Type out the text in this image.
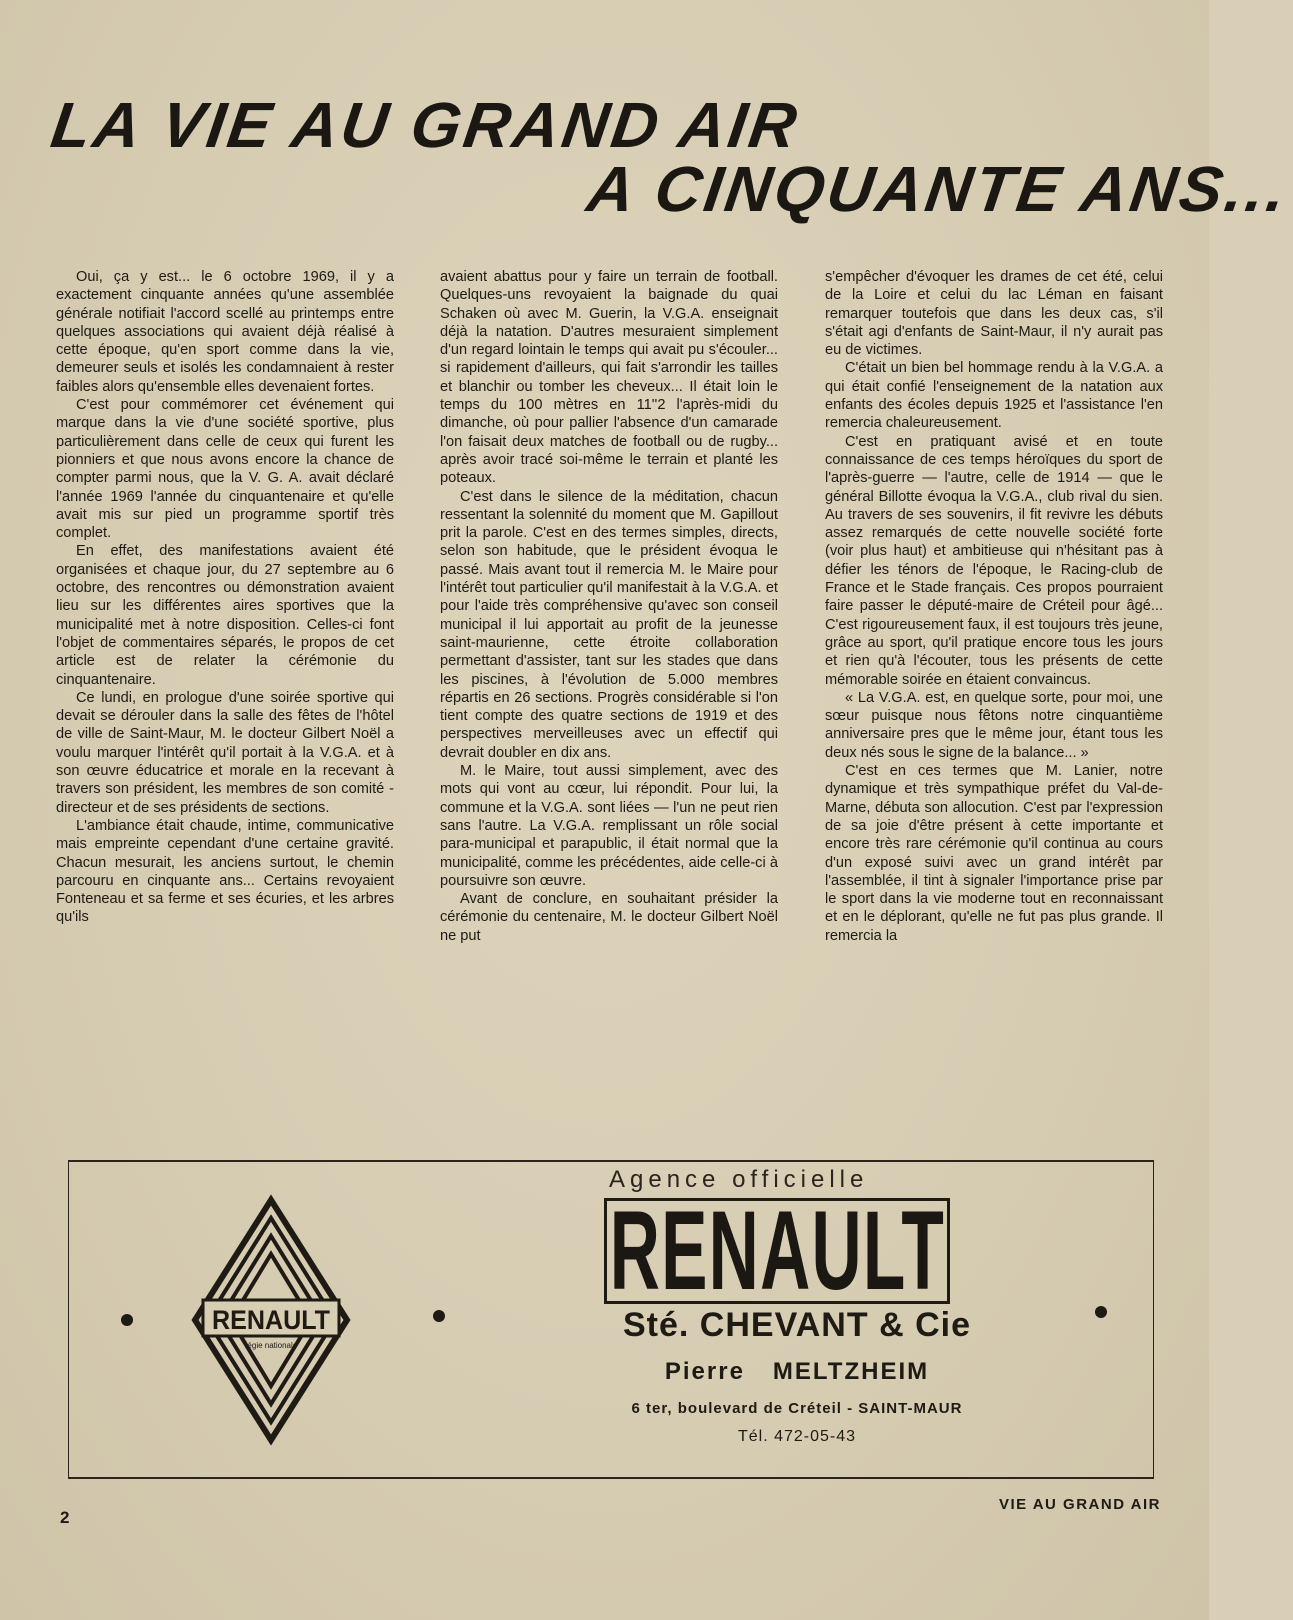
LA VIE AU GRAND AIR
A CINQUANTE ANS...

Oui, ça y est... le 6 octobre 1969, il y a exactement cinquante années qu'une assemblée générale notifiait l'accord scellé au printemps entre quelques associations qui avaient déjà réalisé à cette époque, qu'en sport comme dans la vie, demeurer seuls et isolés les condamnaient à rester faibles alors qu'ensemble elles devenaient fortes.

C'est pour commémorer cet événement qui marque dans la vie d'une société sportive, plus particulièrement dans celle de ceux qui furent les pionniers et que nous avons encore la chance de compter parmi nous, que la V. G. A. avait déclaré l'année 1969 l'année du cinquantenaire et qu'elle avait mis sur pied un programme sportif très complet.

En effet, des manifestations avaient été organisées et chaque jour, du 27 septembre au 6 octobre, des rencontres ou démonstration avaient lieu sur les différentes aires sportives que la municipalité met à notre disposition. Celles-ci font l'objet de commentaires séparés, le propos de cet article est de relater la cérémonie du cinquantenaire.

Ce lundi, en prologue d'une soirée sportive qui devait se dérouler dans la salle des fêtes de l'hôtel de ville de Saint-Maur, M. le docteur Gilbert Noël a voulu marquer l'intérêt qu'il portait à la V.G.A. et à son œuvre éducatrice et morale en la recevant à travers son président, les membres de son comité - directeur et de ses présidents de sections.

L'ambiance était chaude, intime, communicative mais empreinte cependant d'une certaine gravité. Chacun mesurait, les anciens surtout, le chemin parcouru en cinquante ans... Certains revoyaient Fonteneau et sa ferme et ses écuries, et les arbres qu'ils

avaient abattus pour y faire un terrain de football. Quelques-uns revoyaient la baignade du quai Schaken où avec M. Guerin, la V.G.A. enseignait déjà la natation. D'autres mesuraient simplement d'un regard lointain le temps qui avait pu s'écouler... si rapidement d'ailleurs, qui fait s'arrondir les tailles et blanchir ou tomber les cheveux... Il était loin le temps du 100 mètres en 11''2 l'après-midi du dimanche, où pour pallier l'absence d'un camarade l'on faisait deux matches de football ou de rugby... après avoir tracé soi-même le terrain et planté les poteaux.

C'est dans le silence de la méditation, chacun ressentant la solennité du moment que M. Gapillout prit la parole. C'est en des termes simples, directs, selon son habitude, que le président évoqua le passé. Mais avant tout il remercia M. le Maire pour l'intérêt tout particulier qu'il manifestait à la V.G.A. et pour l'aide très compréhensive qu'avec son conseil municipal il lui apportait au profit de la jeunesse saint-maurienne, cette étroite collaboration permettant d'assister, tant sur les stades que dans les piscines, à l'évolution de 5.000 membres répartis en 26 sections. Progrès considérable si l'on tient compte des quatre sections de 1919 et des perspectives merveilleuses avec un effectif qui devrait doubler en dix ans.

M. le Maire, tout aussi simplement, avec des mots qui vont au cœur, lui répondit. Pour lui, la commune et la V.G.A. sont liées — l'un ne peut rien sans l'autre. La V.G.A. remplissant un rôle social para-municipal et parapublic, il était normal que la municipalité, comme les précédentes, aide celle-ci à poursuivre son œuvre.

Avant de conclure, en souhaitant présider la cérémonie du centenaire, M. le docteur Gilbert Noël ne put

s'empêcher d'évoquer les drames de cet été, celui de la Loire et celui du lac Léman en faisant remarquer toutefois que dans les deux cas, s'il s'était agi d'enfants de Saint-Maur, il n'y aurait pas eu de victimes.

C'était un bien bel hommage rendu à la V.G.A. a qui était confié l'enseignement de la natation aux enfants des écoles depuis 1925 et l'assistance l'en remercia chaleureusement.

C'est en pratiquant avisé et en toute connaissance de ces temps héroïques du sport de l'après-guerre — l'autre, celle de 1914 — que le général Billotte évoqua la V.G.A., club rival du sien. Au travers de ses souvenirs, il fit revivre les débuts assez remarqués de cette nouvelle société forte (voir plus haut) et ambitieuse qui n'hésitant pas à défier les ténors de l'époque, le Racing-club de France et le Stade français. Ces propos pourraient faire passer le député-maire de Créteil pour âgé... C'est rigoureusement faux, il est toujours très jeune, grâce au sport, qu'il pratique encore tous les jours et rien qu'à l'écouter, tous les présents de cette mémorable soirée en étaient convaincus.

« La V.G.A. est, en quelque sorte, pour moi, une sœur puisque nous fêtons notre cinquantième anniversaire pres que le même jour, étant tous les deux nés sous le signe de la balance... »

C'est en ces termes que M. Lanier, notre dynamique et très sympathique préfet du Val-de-Marne, débuta son allocution. C'est par l'expression de sa joie d'être présent à cette importante et encore très rare cérémonie qu'il continua au cours d'un exposé suivi avec un grand intérêt par l'assemblée, il tint à signaler l'importance prise par le sport dans la vie moderne tout en reconnaissant et en le déplorant, qu'elle ne fut pas plus grande. Il remercia la

RENAULT
régie nationale
Agence officielle
RENAULT
Sté. CHEVANT & Cie
Pierre MELTZHEIM
6 ter, boulevard de Créteil - SAINT-MAUR
Tél. 472-05-43
2
VIE AU GRAND AIR
